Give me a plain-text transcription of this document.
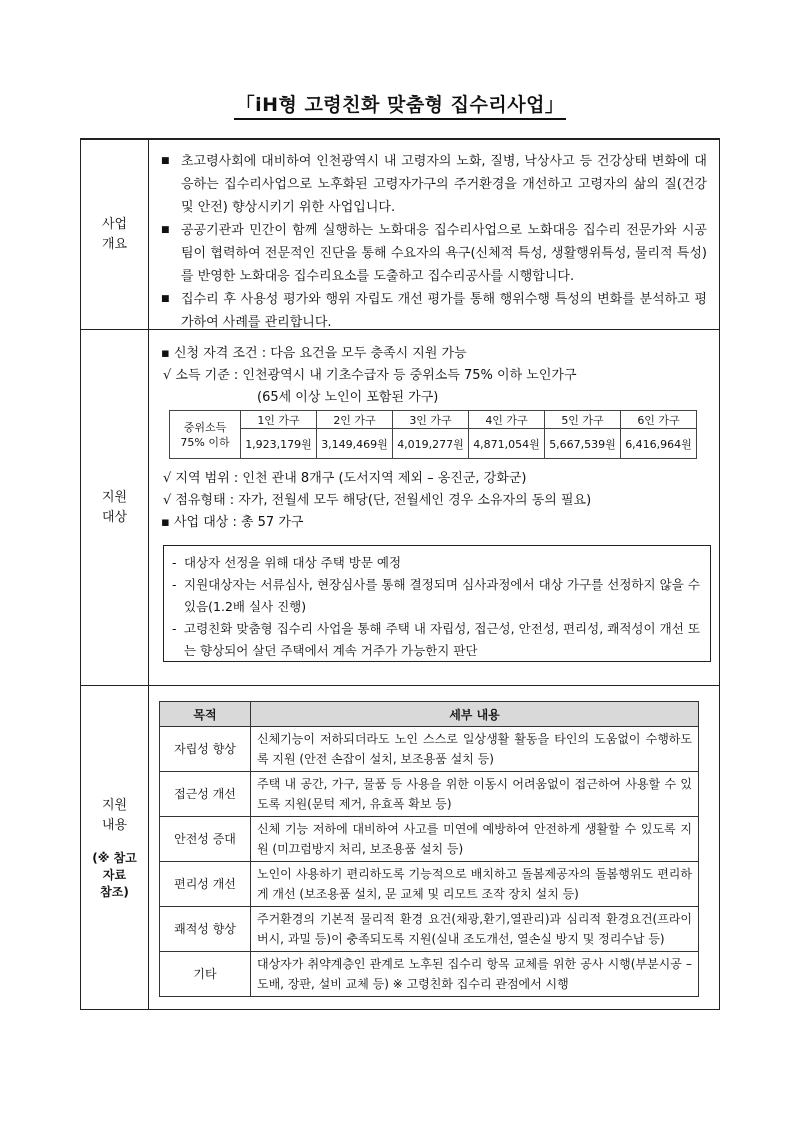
「iH형 고령친화 맞춤형 집수리사업」
사업
개요
■ 초고령사회에 대비하여 인천광역시 내 고령자의 노화, 질병, 낙상사고 등 건강상태 변화에 대응하는 집수리사업으로 노후화된 고령자가구의 주거환경을 개선하고 고령자의 삶의 질(건강 및 안전) 향상시키기 위한 사업입니다.
■ 공공기관과 민간이 함께 실행하는 노화대응 집수리사업으로 노화대응 집수리 전문가와 시공팀이 협력하여 전문적인 진단을 통해 수요자의 욕구(신체적 특성, 생활행위특성, 물리적 특성)를 반영한 노화대응 집수리요소를 도출하고 집수리공사를 시행합니다.
■ 집수리 후 사용성 평가와 행위 자립도 개선 평가를 통해 행위수행 특성의 변화를 분석하고 평가하여 사례를 관리합니다.
지원
대상
▪ 신청 자격 조건 : 다음 요건을 모두 충족시 지원 가능
√ 소득 기준 : 인천광역시 내 기초수급자 등 중위소득 75% 이하 노인가구
(65세 이상 노인이 포함된 가구)
중위소득 75% 이하	1인 가구	2인 가구	3인 가구	4인 가구	5인 가구	6인 가구
	1,923,179원	3,149,469원	4,019,277원	4,871,054원	5,667,539원	6,416,964원
√ 지역 범위 : 인천 관내 8개구 (도서지역 제외 – 옹진군, 강화군)
√ 점유형태 : 자가, 전월세 모두 해당(단, 전월세인 경우 소유자의 동의 필요)
▪ 사업 대상 : 총 57 가구
- 대상자 선정을 위해 대상 주택 방문 예정
- 지원대상자는 서류심사, 현장심사를 통해 결정되며 심사과정에서 대상 가구를 선정하지 않을 수 있음(1.2배 실사 진행)
- 고령친화 맞춤형 집수리 사업을 통해 주택 내 자립성, 접근성, 안전성, 편리성, 쾌적성이 개선 또는 향상되어 살던 주택에서 계속 거주가 가능한지 판단
지원
내용
(※ 참고
자료
참조)
목적	세부 내용
자립성 향상	신체기능이 저하되더라도 노인 스스로 일상생활 활동을 타인의 도움없이 수행하도록 지원 (안전 손잡이 설치, 보조용품 설치 등)
접근성 개선	주택 내 공간, 가구, 물품 등 사용을 위한 이동시 어려움없이 접근하여 사용할 수 있도록 지원(문턱 제거, 유효폭 확보 등)
안전성 증대	신체 기능 저하에 대비하여 사고를 미연에 예방하여 안전하게 생활할 수 있도록 지원 (미끄럼방지 처리, 보조용품 설치 등)
편리성 개선	노인이 사용하기 편리하도록 기능적으로 배치하고 돌봄제공자의 돌봄행위도 편리하게 개선 (보조용품 설치, 문 교체 및 리모트 조작 장치 설치 등)
쾌적성 향상	주거환경의 기본적 물리적 환경 요건(채광,환기,열관리)과 심리적 환경요건(프라이버시, 과밀 등)이 충족되도록 지원(실내 조도개선, 열손실 방지 및 정리수납 등)
기타	대상자가 취약계층인 관계로 노후된 집수리 항목 교체를 위한 공사 시행(부분시공 – 도배, 장판, 설비 교체 등) ※ 고령친화 집수리 관점에서 시행
